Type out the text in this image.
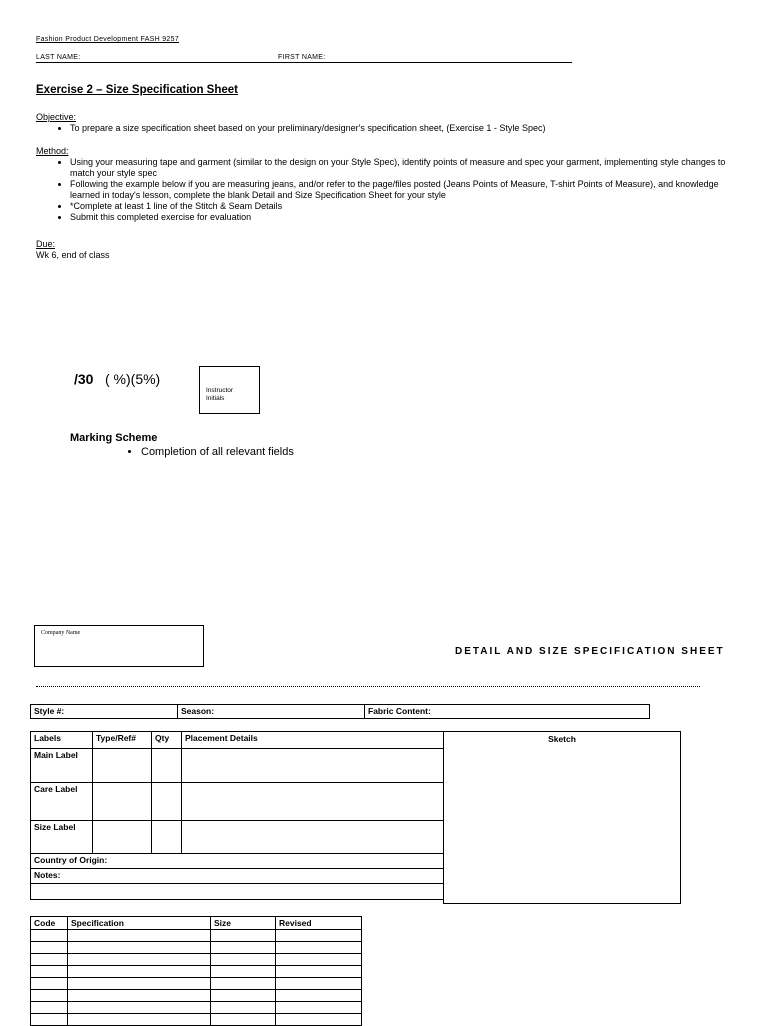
Fashion Product Development FASH 9257
LAST NAME:	FIRST NAME:
Exercise 2 – Size Specification Sheet
Objective:
• To prepare a size specification sheet based on your preliminary/designer's specification sheet, (Exercise 1 - Style Spec)
Method:
• Using your measuring tape and garment (similar to the design on your Style Spec), identify points of measure and spec your garment, implementing style changes to match your style spec
• Following the example below if you are measuring jeans, and/or refer to the page/files posted (Jeans Points of Measure, T-shirt Points of Measure), and knowledge learned in today's lesson, complete the blank Detail and Size Specification Sheet for your style
• *Complete at least 1 line of the Stitch & Seam Details
• Submit this completed exercise for evaluation
Due:
Wk 6, end of class
/30 ( %)(5%)
Instructor Initials
Marking Scheme
• Completion of all relevant fields
Company Name
DETAIL AND SIZE SPECIFICATION SHEET
Style #:	Season:	Fabric Content:
Labels	Type/Ref#	Qty	Placement Details
Main Label			
Care Label			
Size Label			
Country of Origin:			
Notes:			

Sketch
Code	Specification	Size	Revised
